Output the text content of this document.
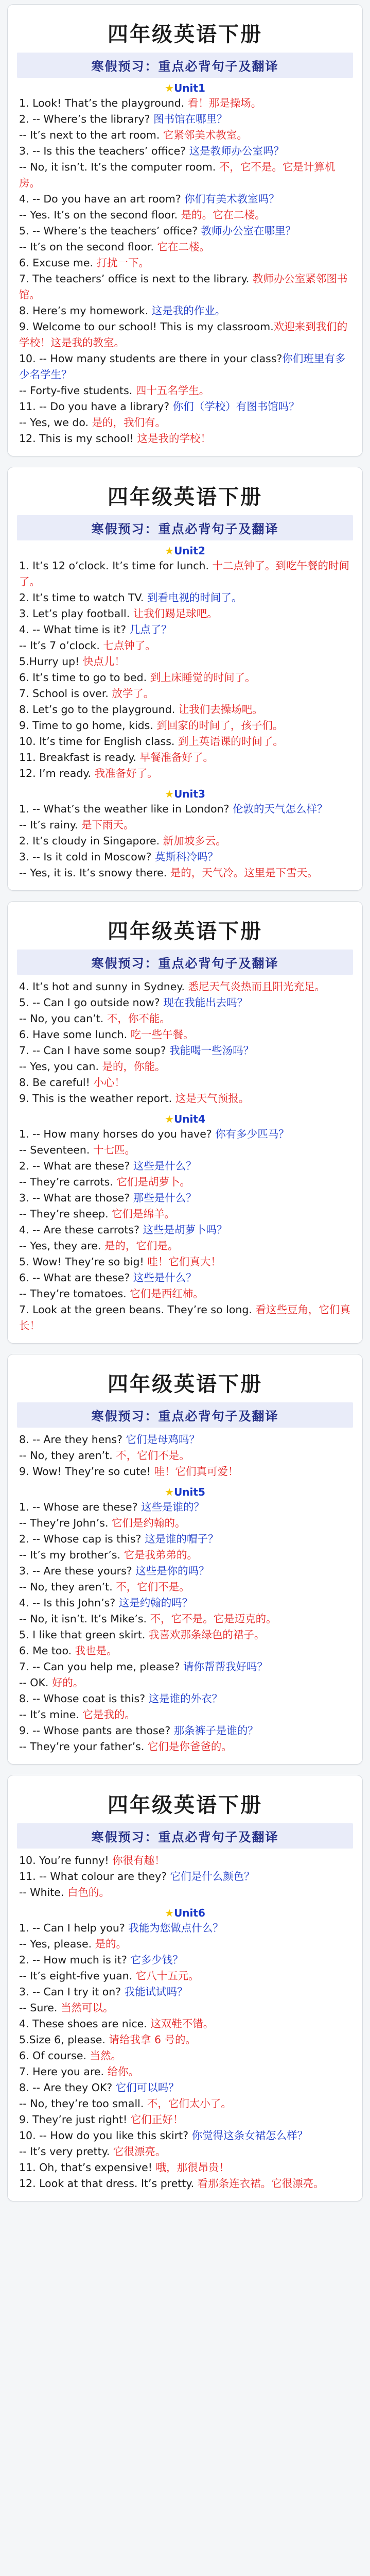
四年级英语下册
寒假预习：重点必背句子及翻译
★Unit1
1. Look! That’s the playground. 看！那是操场。
2. -- Where’s the library? 图书馆在哪里？
-- It’s next to the art room. 它紧邻美术教室。
3. -- Is this the teachers’ office? 这是教师办公室吗？
-- No, it isn’t. It’s the computer room. 不，它不是。它是计算机房。
4. -- Do you have an art room? 你们有美术教室吗？
-- Yes. It’s on the second floor. 是的。它在二楼。
5. -- Where’s the teachers’ office? 教师办公室在哪里？
-- It’s on the second floor. 它在二楼。
6. Excuse me. 打扰一下。
7. The teachers’ office is next to the library. 教师办公室紧邻图书馆。
8. Here’s my homework. 这是我的作业。
9. Welcome to our school! This is my classroom.欢迎来到我们的学校！这是我的教室。
10. -- How many students are there in your class?你们班里有多少名学生？
-- Forty-five students. 四十五名学生。
11. -- Do you have a library? 你们（学校）有图书馆吗？
-- Yes, we do. 是的，我们有。
12. This is my school! 这是我的学校！
四年级英语下册
寒假预习：重点必背句子及翻译
★Unit2
1. It’s 12 o’clock. It’s time for lunch. 十二点钟了。到吃午餐的时间了。
2. It’s time to watch TV. 到看电视的时间了。
3. Let’s play football. 让我们踢足球吧。
4. -- What time is it? 几点了？
-- It’s 7 o’clock. 七点钟了。
5.Hurry up! 快点儿！
6. It’s time to go to bed. 到上床睡觉的时间了。
7. School is over. 放学了。
8. Let’s go to the playground. 让我们去操场吧。
9. Time to go home, kids. 到回家的时间了，孩子们。
10. It’s time for English class. 到上英语课的时间了。
11. Breakfast is ready. 早餐准备好了。
12. I’m ready. 我准备好了。
★Unit3
1. -- What’s the weather like in London? 伦敦的天气怎么样？
-- It’s rainy. 是下雨天。
2. It’s cloudy in Singapore. 新加坡多云。
3. -- Is it cold in Moscow? 莫斯科冷吗？
-- Yes, it is. It’s snowy there. 是的，天气冷。这里是下雪天。
四年级英语下册
寒假预习：重点必背句子及翻译
4. It’s hot and sunny in Sydney. 悉尼天气炎热而且阳光充足。
5. -- Can I go outside now? 现在我能出去吗？
-- No, you can’t. 不，你不能。
6. Have some lunch. 吃一些午餐。
7. -- Can I have some soup? 我能喝一些汤吗？
-- Yes, you can. 是的，你能。
8. Be careful! 小心！
9. This is the weather report. 这是天气预报。
★Unit4
1. -- How many horses do you have? 你有多少匹马？
-- Seventeen. 十七匹。
2. -- What are these? 这些是什么？
-- They’re carrots. 它们是胡萝卜。
3. -- What are those? 那些是什么？
-- They’re sheep. 它们是绵羊。
4. -- Are these carrots? 这些是胡萝卜吗？
-- Yes, they are. 是的，它们是。
5. Wow! They’re so big! 哇！它们真大！
6. -- What are these? 这些是什么？
-- They’re tomatoes. 它们是西红柿。
7. Look at the green beans. They’re so long. 看这些豆角，它们真长！
四年级英语下册
寒假预习：重点必背句子及翻译
8. -- Are they hens? 它们是母鸡吗？
-- No, they aren’t. 不，它们不是。
9. Wow! They’re so cute! 哇！它们真可爱！
★Unit5
1. -- Whose are these? 这些是谁的？
-- They’re John’s. 它们是约翰的。
2. -- Whose cap is this? 这是谁的帽子？
-- It’s my brother’s. 它是我弟弟的。
3. -- Are these yours? 这些是你的吗？
-- No, they aren’t. 不，它们不是。
4. -- Is this John’s? 这是约翰的吗？
-- No, it isn’t. It’s Mike’s. 不，它不是。它是迈克的。
5. I like that green skirt. 我喜欢那条绿色的裙子。
6. Me too. 我也是。
7. -- Can you help me, please? 请你帮帮我好吗？
-- OK. 好的。
8. -- Whose coat is this? 这是谁的外衣？
-- It’s mine. 它是我的。
9. -- Whose pants are those? 那条裤子是谁的？
-- They’re your father’s. 它们是你爸爸的。
四年级英语下册
寒假预习：重点必背句子及翻译
10. You’re funny! 你很有趣！
11. -- What colour are they? 它们是什么颜色？
-- White. 白色的。
★Unit6
1. -- Can I help you? 我能为您做点什么？
-- Yes, please. 是的。
2. -- How much is it? 它多少钱？
-- It’s eight-five yuan. 它八十五元。
3. -- Can I try it on? 我能试试吗？
-- Sure. 当然可以。
4. These shoes are nice. 这双鞋不错。
5.Size 6, please. 请给我拿 6 号的。
6. Of course. 当然。
7. Here you are. 给你。
8. -- Are they OK? 它们可以吗？
-- No, they’re too small. 不，它们太小了。
9. They’re just right! 它们正好！
10. -- How do you like this skirt? 你觉得这条女裙怎么样？
-- It’s very pretty. 它很漂亮。
11. Oh, that’s expensive! 哦，那很昂贵！
12. Look at that dress. It’s pretty. 看那条连衣裙。它很漂亮。
